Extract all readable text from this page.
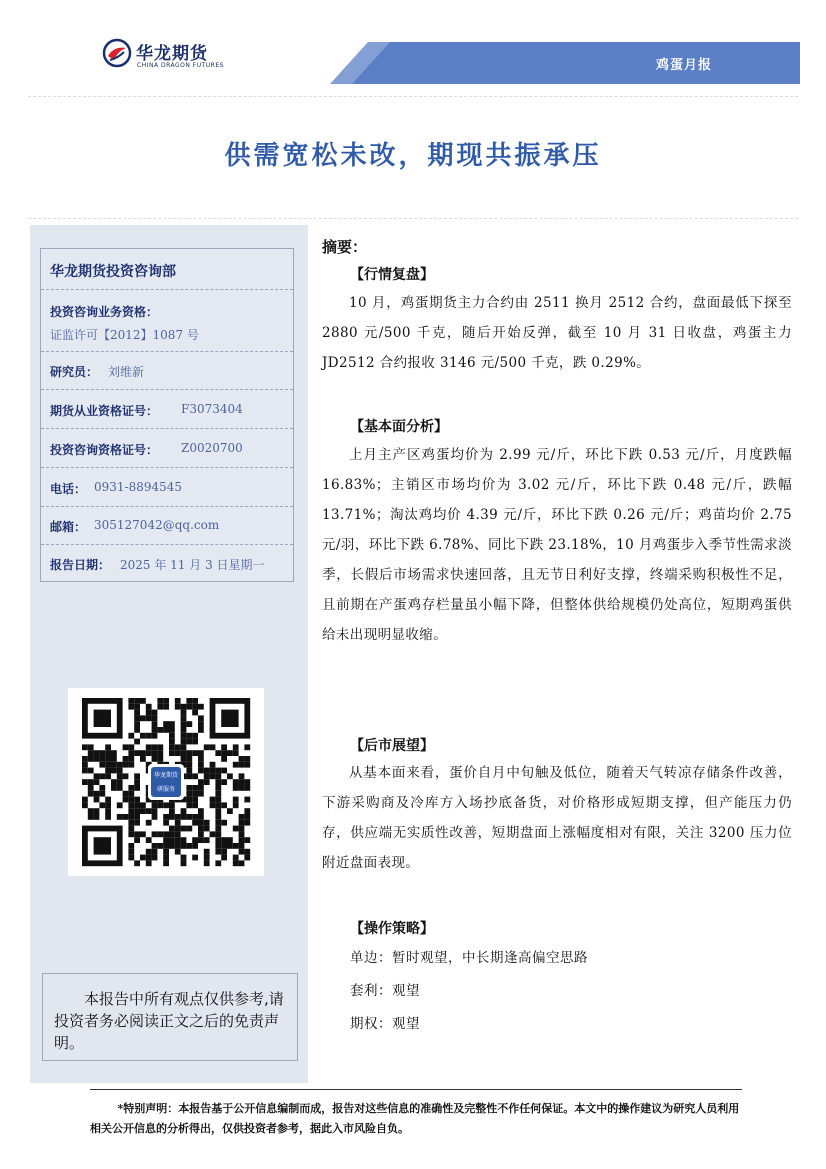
华龙期货
CHINA DRAGON FUTURES	鸡蛋月报
供需宽松未改，期现共振承压
华龙期货投资咨询部
投资咨询业务资格：
证监许可【2012】1087 号
研究员： 刘维新
期货从业资格证号： F3073404
投资咨询资格证号： Z0020700
电话： 0931-8894545
邮箱： 305127042@qq.com
报告日期： 2025 年 11 月 3 日星期一
华龙期货
研服务
本报告中所有观点仅供参考,请投资者务必阅读正文之后的免责声明。
摘要：
【行情复盘】
10 月，鸡蛋期货主力合约由 2511 换月 2512 合约，盘面最低下探至 2880 元/500 千克，随后开始反弹，截至 10 月 31 日收盘，鸡蛋主力 JD2512 合约报收 3146 元/500 千克，跌 0.29%。
【基本面分析】
上月主产区鸡蛋均价为 2.99 元/斤，环比下跌 0.53 元/斤，月度跌幅 16.83%；主销区市场均价为 3.02 元/斤，环比下跌 0.48 元/斤，跌幅 13.71%；淘汰鸡均价 4.39 元/斤，环比下跌 0.26 元/斤；鸡苗均价 2.75 元/羽，环比下跌 6.78%、同比下跌 23.18%，10 月鸡蛋步入季节性需求淡季，长假后市场需求快速回落，且无节日利好支撑，终端采购积极性不足，且前期在产蛋鸡存栏量虽小幅下降，但整体供给规模仍处高位，短期鸡蛋供给未出现明显收缩。
【后市展望】
从基本面来看，蛋价自月中旬触及低位，随着天气转凉存储条件改善，下游采购商及冷库方入场抄底备货，对价格形成短期支撑，但产能压力仍存，供应端无实质性改善，短期盘面上涨幅度相对有限，关注 3200 压力位附近盘面表现。
【操作策略】
单边：暂时观望，中长期逢高偏空思路
套利：观望
期权：观望
*特别声明：本报告基于公开信息编制而成，报告对这些信息的准确性及完整性不作任何保证。本文中的操作建议为研究人员利用相关公开信息的分析得出，仅供投资者参考，据此入市风险自负。
